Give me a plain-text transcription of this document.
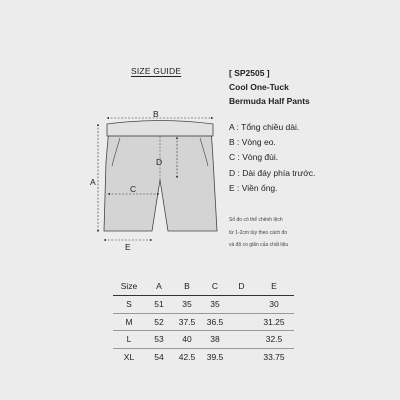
SIZE GUIDE	[ SP2505 ]
Cool One-Tuck
Bermuda Half Pants
A : Tổng chiều dài.
B : Vòng eo.
C : Vòng đùi.
D : Dài đáy phía trước.
E : Viền ống.
Số đo có thể chênh lệch
từ 1-2cm tùy theo cách đo
và độ co giãn của chất liệu
B
A
D
C
E
Size	A	B	C	D	E
S	51	35	35		30
M	52	37.5	36.5		31.25
L	53	40	38		32.5
XL	54	42.5	39.5		33.75
